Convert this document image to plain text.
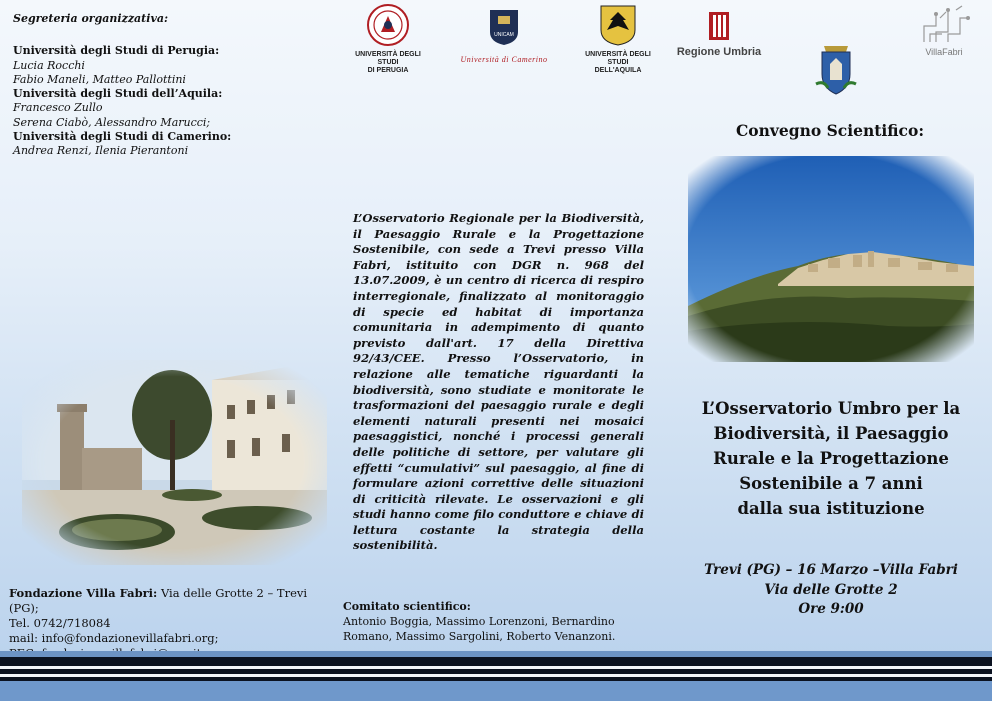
Segreteria organizzativa:
Università degli Studi di Perugia:
Lucia Rocchi
Fabio Maneli, Matteo Pallottini
Università degli Studi dell’Aquila:
Francesco Zullo
Serena Ciabò, Alessandro Marucci;
Università degli Studi di Camerino:
Andrea Renzi, Ilenia Pierantoni
Fondazione Villa Fabri: Via delle Grotte 2 – Trevi (PG);
Tel. 0742/718084
mail: info@fondazionevillafabri.org;
UNIVERSITÀ DEGLI STUDI
DI PERUGIA
UNICAM
Università di Camerino
UNIVERSITÀ DEGLI STUDI
DELL'AQUILA
Regione Umbria	VillaFabri
L’Osservatorio Regionale per la Biodiversità, il Paesaggio Rurale e la Progettazione Sostenibile, con sede a Trevi presso Villa Fabri, istituito con DGR n. 968 del 13.07.2009, è un centro di ricerca di respiro interregionale, finalizzato al monitoraggio di specie ed habitat di importanza comunitaria in adempimento di quanto previsto dall'art. 17 della Direttiva 92/43/CEE. Presso l’Osservatorio, in relazione alle tematiche riguardanti la biodiversità, sono studiate e monitorate le trasformazioni del paesaggio rurale e degli elementi naturali presenti nei mosaici paesaggistici, nonché i processi generali delle politiche di settore, per valutare gli effetti “cumulativi” sul paesaggio, al fine di formulare azioni correttive delle situazioni di criticità rilevate. Le osservazioni e gli studi hanno come filo conduttore e chiave di lettura costante la strategia della sostenibilità.
Comitato scientifico:
Antonio Boggia, Massimo Lorenzoni, Bernardino Romano, Massimo Sargolini, Roberto Venanzoni.
Convegno Scientifico:
L’Osservatorio Umbro per la
Biodiversità, il Paesaggio
Rurale e la Progettazione
Sostenibile a 7 anni
dalla sua istituzione
Trevi (PG) – 16 Marzo –Villa Fabri
Via delle Grotte 2
Ore 9:00
